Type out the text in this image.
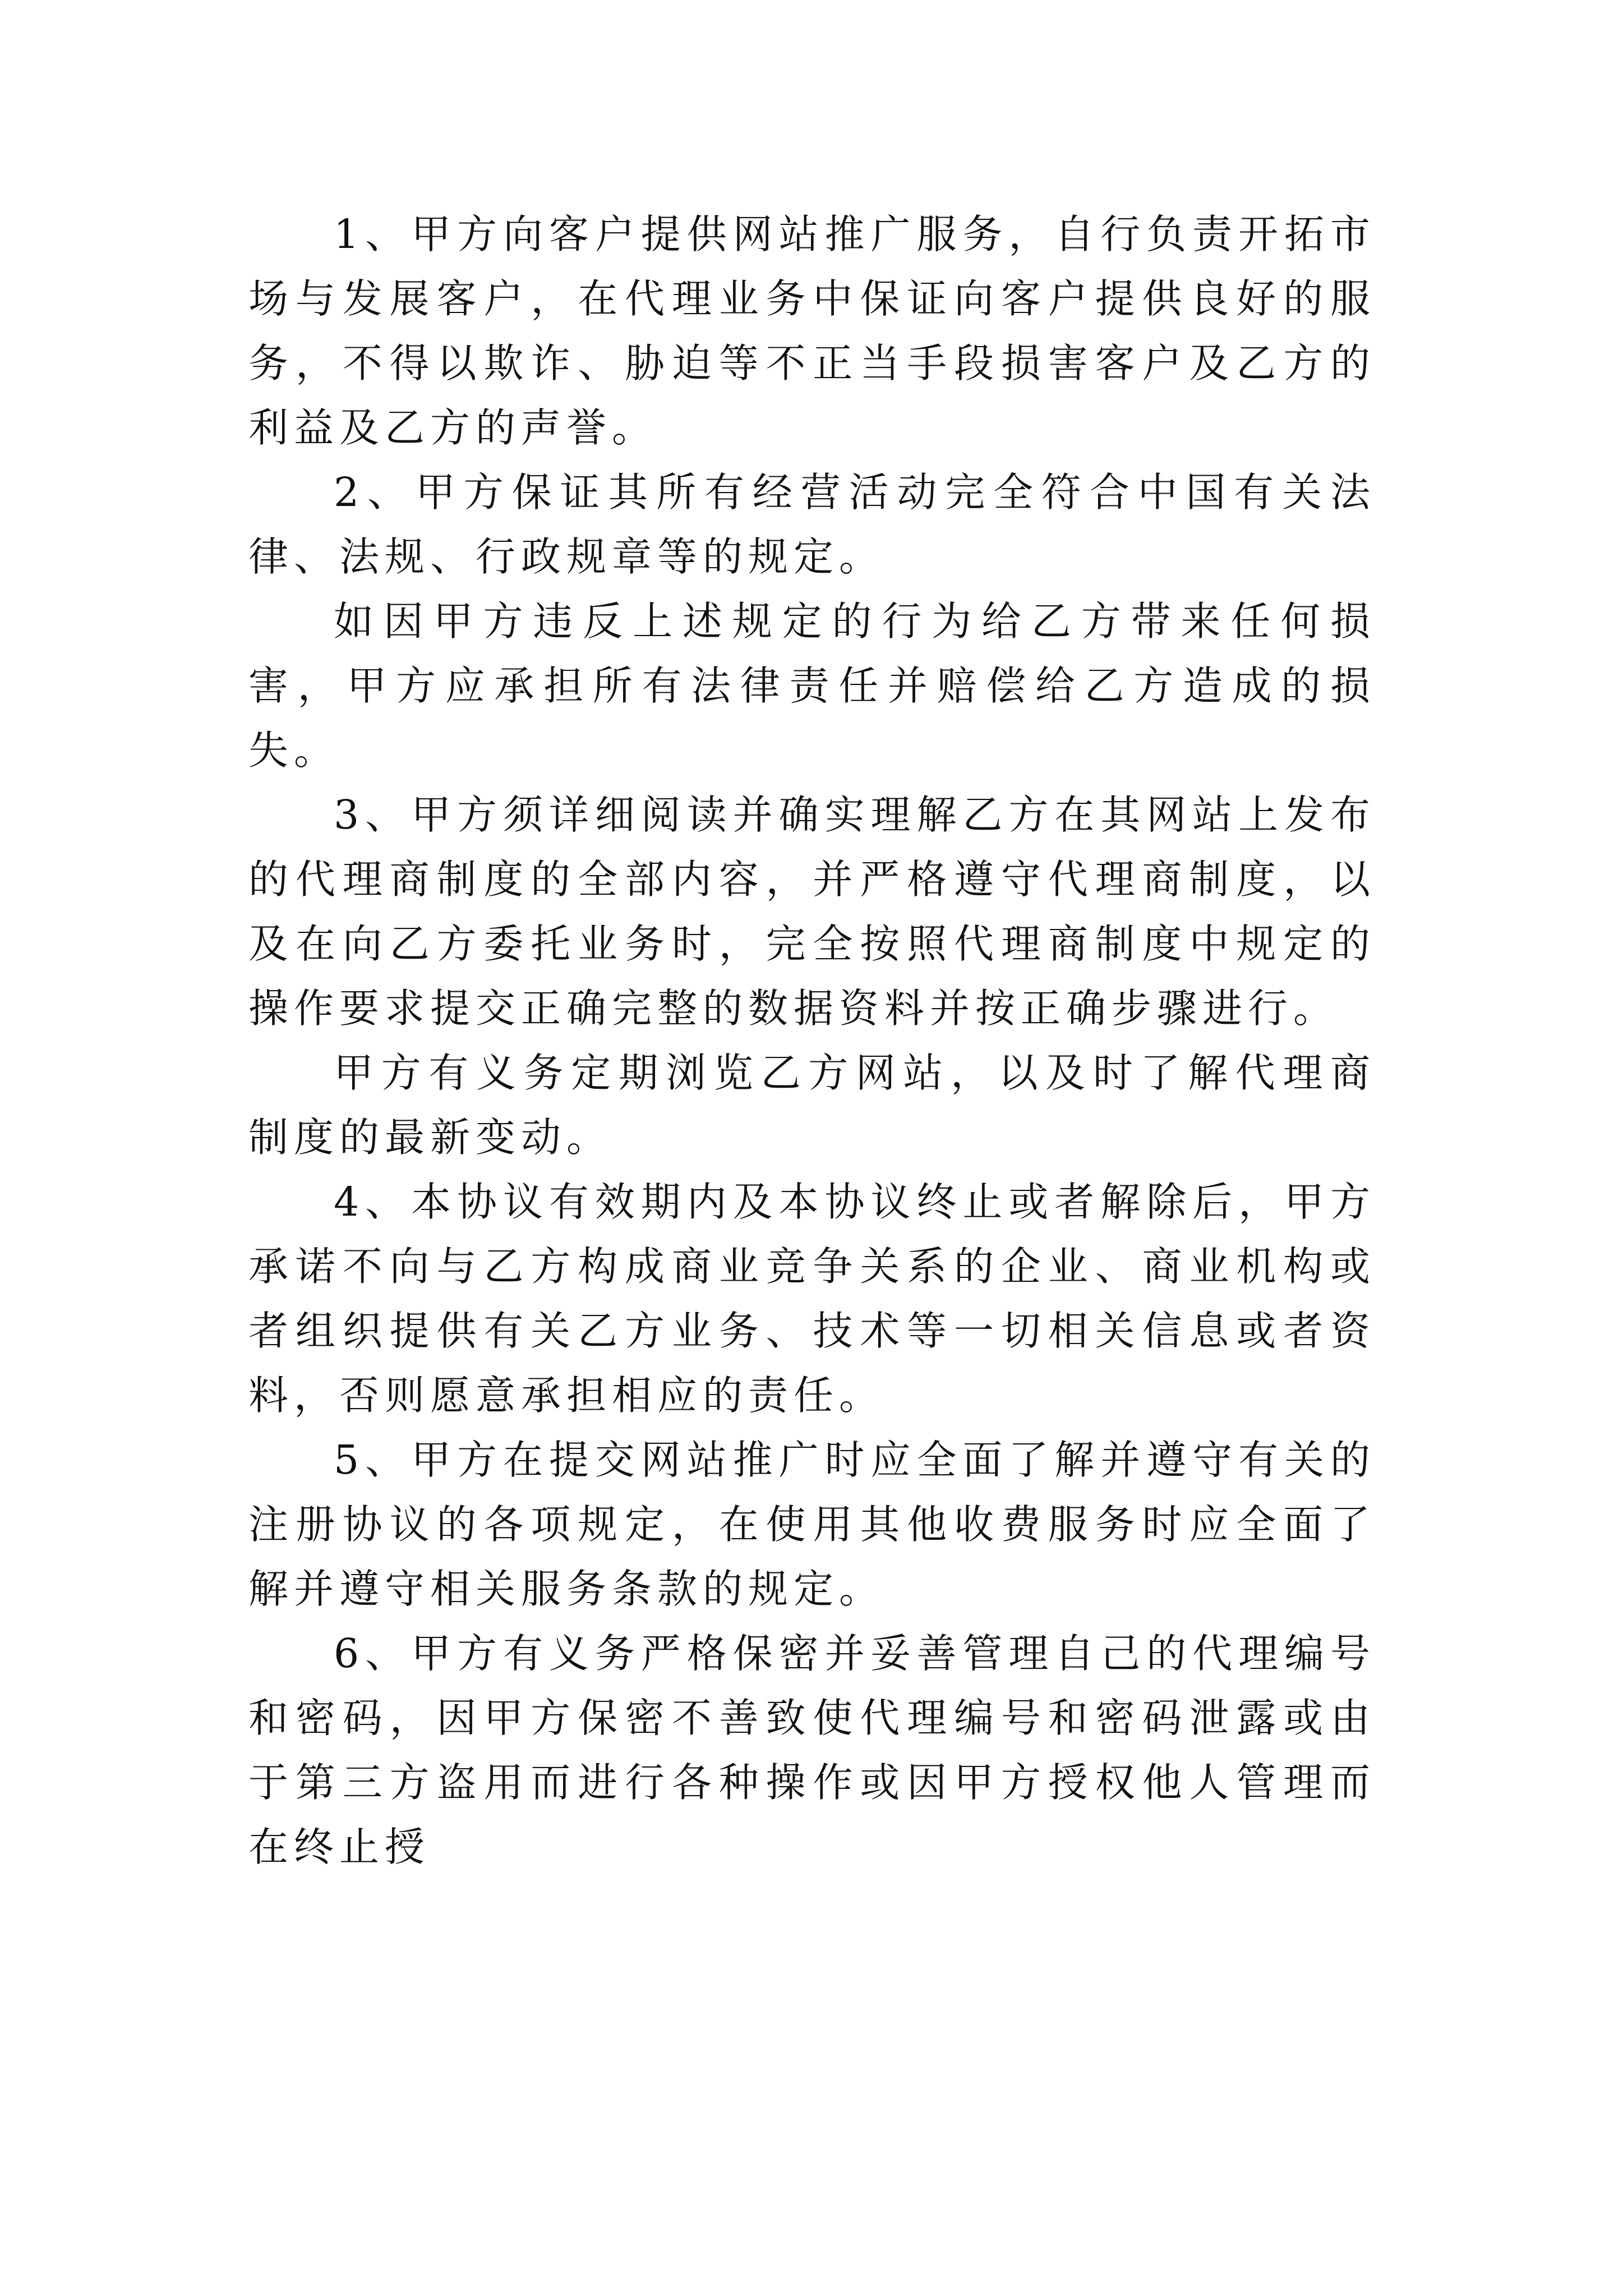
1、甲方向客户提供网站推广服务，自行负责开拓市场与发展客户，在代理业务中保证向客户提供良好的服务，不得以欺诈、胁迫等不正当手段损害客户及乙方的利益及乙方的声誉。

2、甲方保证其所有经营活动完全符合中国有关法律、法规、行政规章等的规定。

如因甲方违反上述规定的行为给乙方带来任何损害，甲方应承担所有法律责任并赔偿给乙方造成的损失。

3、甲方须详细阅读并确实理解乙方在其网站上发布的代理商制度的全部内容，并严格遵守代理商制度，以及在向乙方委托业务时，完全按照代理商制度中规定的操作要求提交正确完整的数据资料并按正确步骤进行。

甲方有义务定期浏览乙方网站，以及时了解代理商制度的最新变动。

4、本协议有效期内及本协议终止或者解除后，甲方承诺不向与乙方构成商业竞争关系的企业、商业机构或者组织提供有关乙方业务、技术等一切相关信息或者资料，否则愿意承担相应的责任。

5、甲方在提交网站推广时应全面了解并遵守有关的注册协议的各项规定，在使用其他收费服务时应全面了解并遵守相关服务条款的规定。

6、甲方有义务严格保密并妥善管理自己的代理编号和密码，因甲方保密不善致使代理编号和密码泄露或由于第三方盗用而进行各种操作或因甲方授权他人管理而在终止授
